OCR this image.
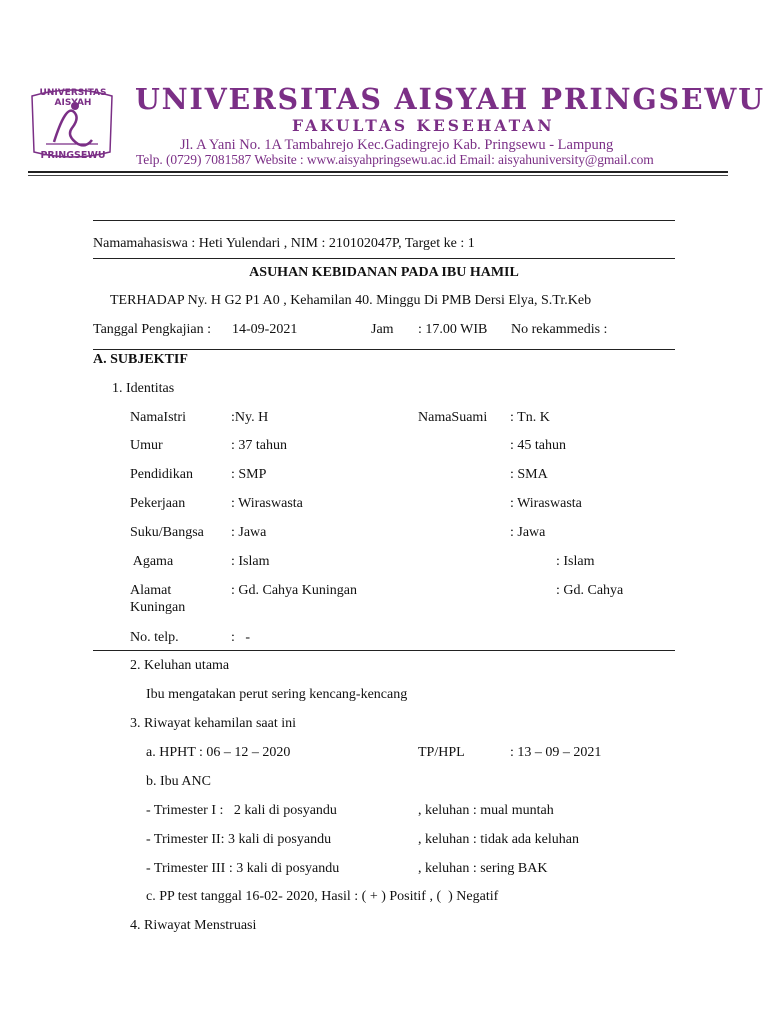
UNIVERSITAS AISYAH
PRINGSEWU
UNIVERSITAS AISYAH PRINGSEWU
FAKULTAS KESEHATAN
Jl. A Yani No. 1A Tambahrejo Kec.Gadingrejo Kab. Pringsewu - Lampung
Telp. (0729) 7081587 Website : www.aisyahpringsewu.ac.id Email: aisyahuniversity@gmail.com
Namamahasiswa : Heti Yulendari , NIM : 210102047P, Target ke : 1
ASUHAN KEBIDANAN PADA IBU HAMIL
TERHADAP Ny. H G2 P1 A0 , Kehamilan 40. Minggu Di PMB Dersi Elya, S.Tr.Keb
Tanggal Pengkajian : 14-09-2021	Jam : 17.00 WIB No rekammedis :
A. SUBJEKTIF
1. Identitas
NamaIstri	:Ny. H	NamaSuami : Tn. K
Umur	: 37 tahun	: 45 tahun
Pendidikan	: SMP	: SMA
Pekerjaan	: Wiraswasta	: Wiraswasta
Suku/Bangsa : Jawa	: Jawa
Agama	: Islam	: Islam
Alamat	: Gd. Cahya Kuningan	: Gd. Cahya
Kuningan
No. telp.	:   -
2. Keluhan utama
Ibu mengatakan perut sering kencang-kencang
3. Riwayat kehamilan saat ini
a. HPHT : 06 – 12 – 2020	TP/HPL	: 13 – 09 – 2021
b. Ibu ANC
- Trimester I :   2 kali di posyandu	, keluhan : mual muntah
- Trimester II: 3 kali di posyandu	, keluhan : tidak ada keluhan
- Trimester III : 3 kali di posyandu	, keluhan : sering BAK
c. PP test tanggal 16-02- 2020, Hasil : ( + ) Positif , (  ) Negatif
4. Riwayat Menstruasi
